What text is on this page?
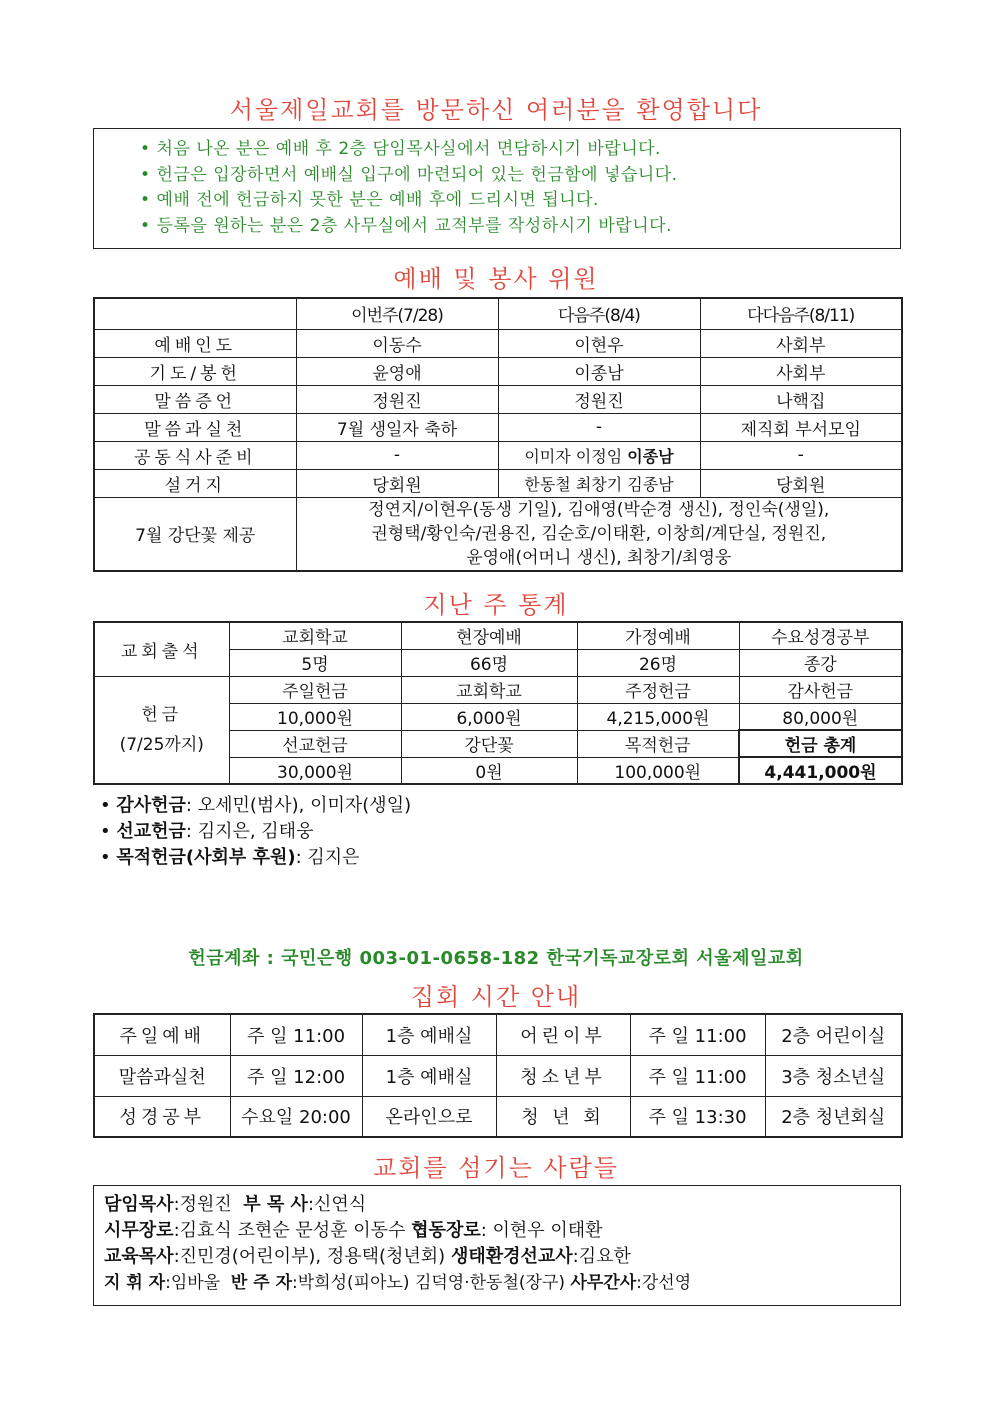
서울제일교회를 방문하신 여러분을 환영합니다
• 처음 나온 분은 예배 후 2층 담임목사실에서 면담하시기 바랍니다.
• 헌금은 입장하면서 예배실 입구에 마련되어 있는 헌금함에 넣습니다.
• 예배 전에 헌금하지 못한 분은 예배 후에 드리시면 됩니다.
• 등록을 원하는 분은 2층 사무실에서 교적부를 작성하시기 바랍니다.
예배 및 봉사 위원
	이번주(7/28)	다음주(8/4)	다다음주(8/11)
예배인도	이동수	이현우	사회부
기도/봉헌	윤영애	이종남	사회부
말씀증언	정원진	정원진	나핵집
말씀과실천	7월 생일자 축하	-	제직회 부서모임
공동식사준비	-	이미자 이정임 이종남	-
설거지	당회원	한동철 최창기 김종남	당회원
7월 강단꽃 제공	정연지/이현우(동생 기일), 김애영(박순경 생신), 정인숙(생일),
권형택/황인숙/권용진, 김순호/이태환, 이창희/계단실, 정원진,
윤영애(어머니 생신), 최창기/최영웅		
지난 주 통계
교회출석	교회학교	현장예배	가정예배	수요성경공부
	5명	66명	26명	종강

헌금
(7/25까지)	주일헌금	교회학교	주정헌금	감사헌금
	10,000원	6,000원	4,215,000원	80,000원
	선교헌금	강단꽃	목적헌금	헌금 총계
	30,000원	0원	100,000원	4,441,000원
• 감사헌금: 오세민(범사), 이미자(생일)
• 선교헌금: 김지은, 김태웅
• 목적헌금(사회부 후원): 김지은
헌금계좌 : 국민은행 003-01-0658-182 한국기독교장로회 서울제일교회
집회 시간 안내
주일예배	주 일 11:00	1층 예배실	어린이부	주 일 11:00	2층 어린이실
말씀과실천	주 일 12:00	1층 예배실	청소년부	주 일 11:00	3층 청소년실
성경공부	수요일 20:00	온라인으로	청 년 회	주 일 13:30	2층 청년회실
교회를 섬기는 사람들
담임목사:정원진  부 목 사:신연식
시무장로:김효식 조현순 문성훈 이동수 협동장로: 이현우 이태환
교육목사:진민경(어린이부), 정용택(청년회) 생태환경선교사:김요한
지 휘 자:임바울  반 주 자:박희성(피아노) 김덕영·한동철(장구) 사무간사:강선영
